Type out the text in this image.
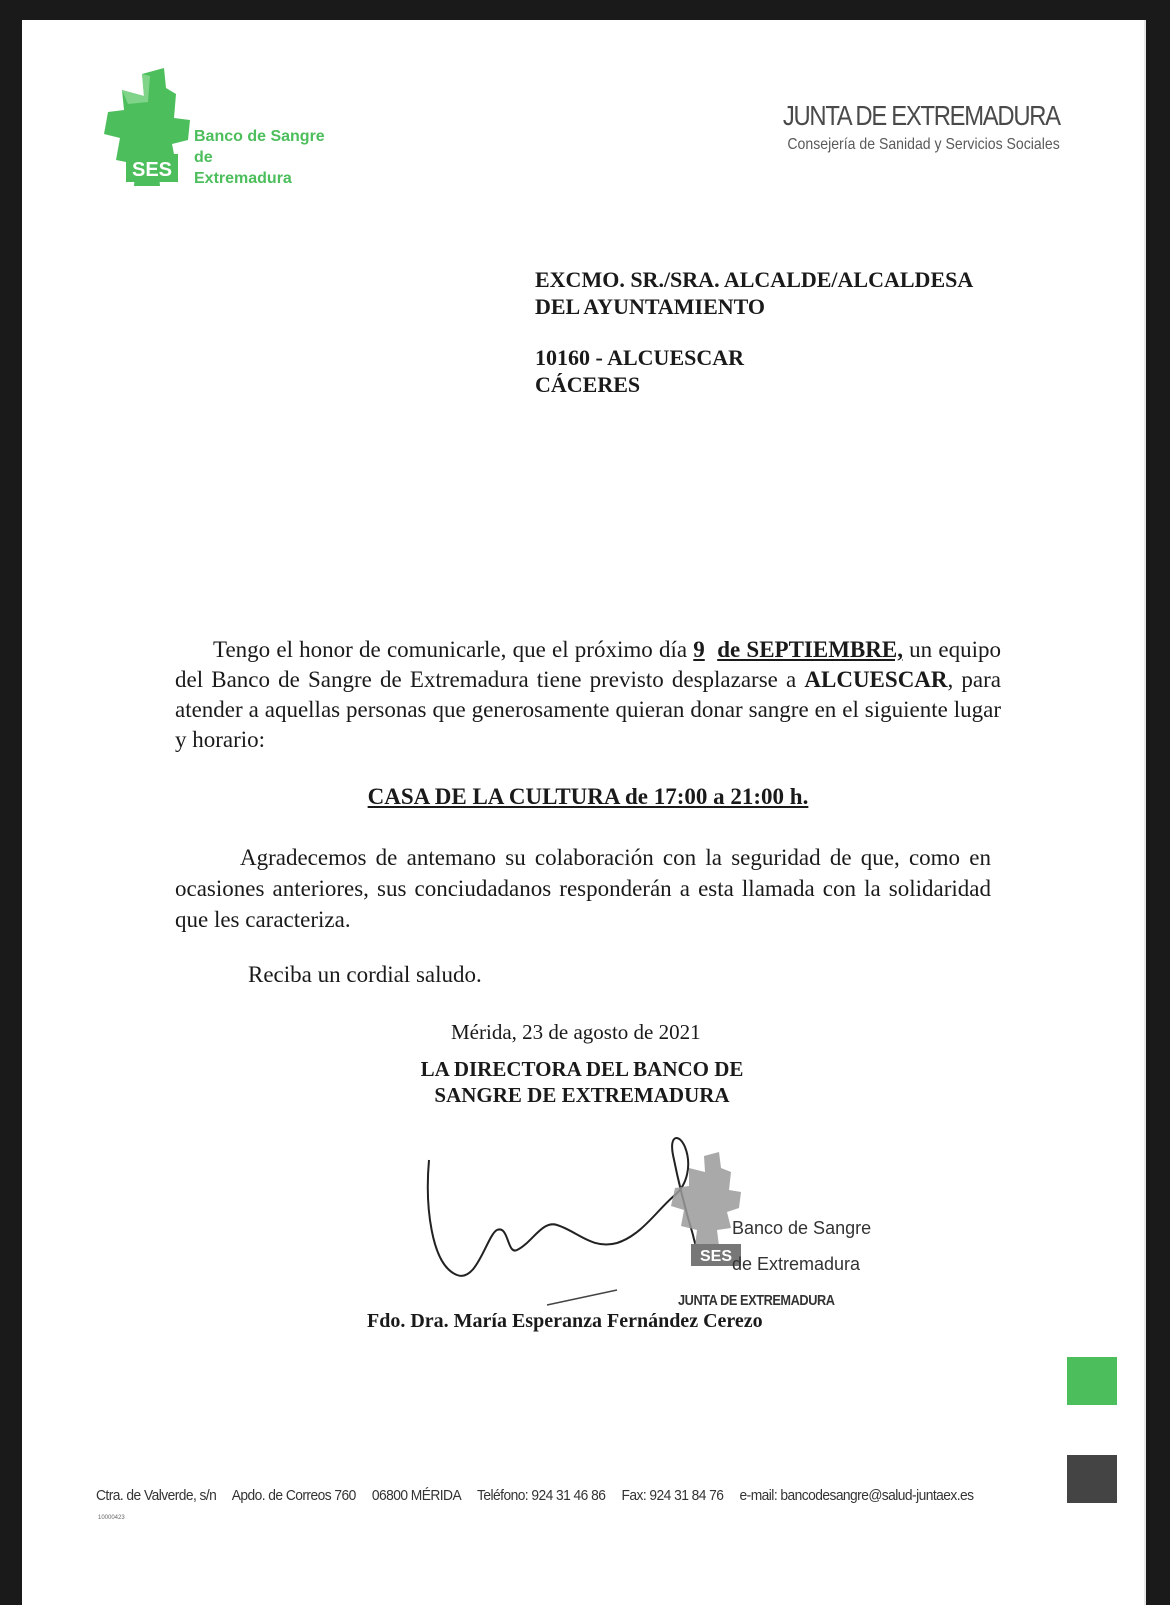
SES
Banco de Sangre
de
Extremadura
JUNTA DE EXTREMADURA
Consejería de Sanidad y Servicios Sociales
EXCMO. SR./SRA. ALCALDE/ALCALDESA
DEL AYUNTAMIENTO
10160 - ALCUESCAR
CÁCERES

Tengo el honor de comunicarle, que el próximo día 9 de SEPTIEMBRE, un equipo del Banco de Sangre de Extremadura tiene previsto desplazarse a ALCUESCAR, para atender a aquellas personas que generosamente quieran donar sangre en el siguiente lugar y horario:

CASA DE LA CULTURA de 17:00 a 21:00 h.

Agradecemos de antemano su colaboración con la seguridad de que, como en ocasiones anteriores, sus conciudadanos responderán a esta llamada con la solidaridad que les caracteriza.

Reciba un cordial saludo.
Mérida, 23 de agosto de 2021
LA DIRECTORA DEL BANCO DE
SANGRE DE EXTREMADURA
SES
Banco de Sangre
de Extremadura
JUNTA DE EXTREMADURA
Fdo. Dra. María Esperanza Fernández Cerezo
Ctra. de Valverde, s/n Apdo. de Correos 760 06800 MÉRIDA Teléfono: 924 31 46 86 Fax: 924 31 84 76 e-mail: bancodesangre@salud-juntaex.es
10000423
